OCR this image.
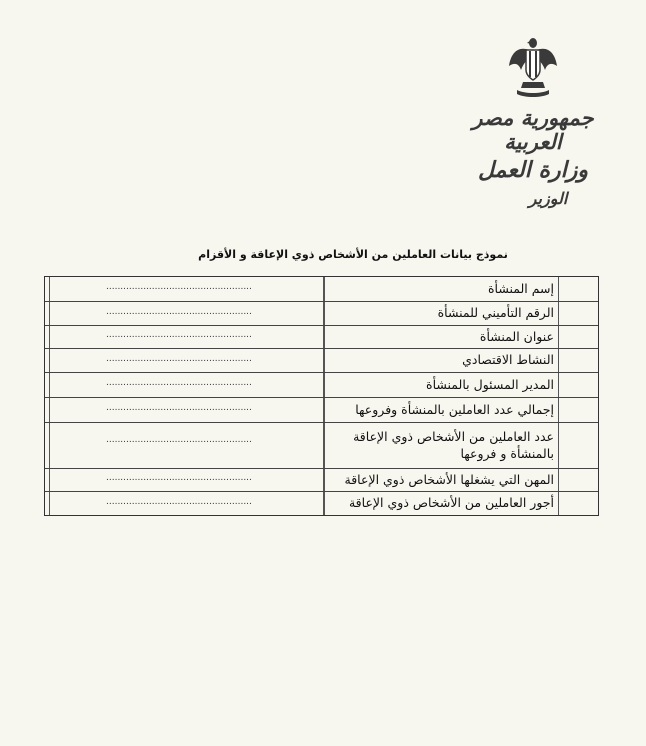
جمهورية مصر العربية
وزارة العمل
الوزير
نموذج بيانات العاملين من الأشخاص ذوي الإعاقة و الأقزام
...................................................	إسم المنشأة
...................................................	الرقم التأميني للمنشأة
...................................................	عنوان المنشأة
...................................................	النشاط الاقتصادي
...................................................	المدير المسئول بالمنشأة
...................................................	إجمالي عدد العاملين بالمنشأة وفروعها
...................................................	عدد العاملين من الأشخاص ذوي الإعاقة
بالمنشأة و فروعها
...................................................	المهن التي يشغلها الأشخاص ذوي الإعاقة
...................................................	أجور العاملين من الأشخاص ذوي الإعاقة
